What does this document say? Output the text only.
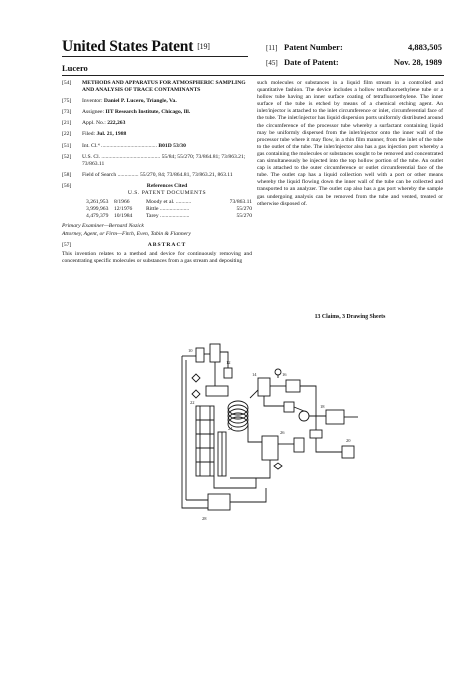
United States Patent [19]
Lucero
[11] Patent Number:	4,883,505
[45] Date of Patent:	Nov. 28, 1989
[54]	METHODS AND APPARATUS FOR ATMOSPHERIC SAMPLING AND ANALYSIS OF TRACE CONTAMINANTS
[75]	Inventor: Daniel P. Lucero, Triangle, Va.
[73]	Assignee: IIT Research Institute, Chicago, Ill.
[21]	Appl. No.: 222,263
[22]	Filed: Jul. 21, 1988
[51]	Int. Cl.⁴ ........................................ B01D 53/30
[52]	U.S. Cl. .......................................... 55/84; 55/270; 73/864.81; 73/863.21; 73/863.11
[58]	Field of Search ............... 55/270, 84; 73/864.81, 73/863.21, 863.11
[56]	References Cited
U.S. PATENT DOCUMENTS
3,261,953	8/1966	Moody et al. ...........	73/863.11
3,999,963	12/1976	Rittle .....................	55/270
4,479,379	10/1984	Tarey .....................	55/270
Primary Examiner—Bernard Nozick
Attorney, Agent, or Firm—Fitch, Even, Tabin & Flannery
[57]	ABSTRACT
This invention relates to a method and device for continuously removing and concentrating specific molecules or substances from a gas stream and depositing
such molecules or substances in a liquid film stream in a controlled and quantitative fashion. The device includes a hollow tetrafluoroethylene tube or a hollow tube having an inner surface coating of tetrafluoroethylene. The inner surface of the tube is etched by means of a chemical etching agent. An inlet/injector is attached to the inlet circumference or inlet, circumferential face of the tube. The inlet/injector has liquid dispersion ports uniformly distributed around the circumference of the processor tube whereby a surfactant containing liquid may be uniformly dispersed from the inlet/injector onto the inner wall of the processor tube where it may flow, in a thin film manner, from the inlet of the tube to the outlet of the tube. The inlet/injector also has a gas injection port whereby a gas containing the molecules or substances sought to be removed and concentrated can simultaneously be injected into the top hollow portion of the tube. An outlet cap is attached to the outer circumference or outlet circumferential face of the tube. The outlet cap has a liquid collection well with a port or other means whereby the liquid flowing down the inner wall of the tube can be collected and transported to an analyzer. The outlet cap also has a gas port whereby the sample gas undergoing analysis can be removed from the tube and vented, treated or otherwise disposed of.
13 Claims, 3 Drawing Sheets
10
12
14	16
18
20
22
24
26
28
